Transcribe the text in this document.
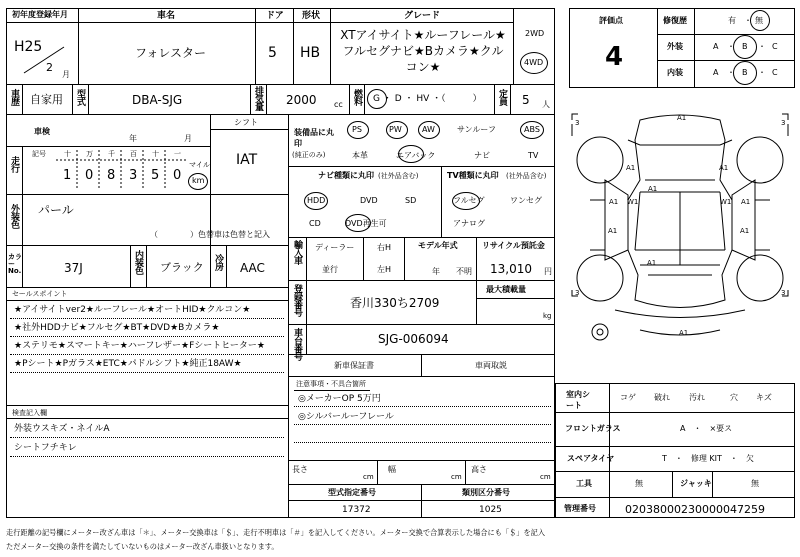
初年度登録年月
H25
2
月
車名
フォレスター
ドア
5
形状
HB
グレード
XTアイサイト★ルーフレール★フルセグナビ★Bカメラ★クルコン★
2WD
4WD
車歴 自家用 型式	DBA-SJG	排気量 2000 cc 燃料 G ・ D ・ HV ・（　　　） 定員 5 人
車検
年	月
シフト
IAT
走行
記号	十
1
万
0
千
8
百
3
十
5
一
0
マイル
km
外装色 パール
（　　　　）色替車は色替と記入
カラーNo.	37J	内装色 ブラック 冷房 AAC
装備品に丸印
(純正のみ)
PS	PW	AW	サンルーフ	ABS
本革	エアバック	ナビ	TV
ナビ種類に丸印 (社外品含む)
HDD	DVD	SD
CD	DVD再生可
TV種類に丸印 (社外品含む)
フルセグ	ワンセグ
アナログ
輸入車 ディーラー
並行
右H
左H
モデル年式
年 不明
リサイクル預託金
13,010 円
セールスポイント
★アイサイトver2★ルーフレール★オートHID★クルコン★
★社外HDDナビ★フルセグ★BT★DVD★Bカメラ★
★ステリモ★スマートキー★ハーフレザー★Fシートヒーター★
★Pシート★Pガラス★ETC★パドルシフト★純正18AW★
検査記入欄
外装ウスキズ・ネイルA
シートフチキレ
登録番号	香川330ち2709
最大積載量
kg
車台番号	SJG-006094
新車保証書	車両取説
注意事項・不具合箇所
◎メーカーOP 5万円
◎シルバールーフレール
長さ
cm
幅
cm
高さ
cm
型式指定番号
17372
類別区分番号
1025
評価点
4
修復歴	有 ・ 無
外装	A ・ B ・ C
内装	A ・ B ・ C
A1
A1	A1
A1
A1 W1	A1
W1
A1	A1
A1
A1
3	3
3	3
室内シート
コゲ 破れ 汚れ	穴 キズ
フロントガラス	A　・　×要ス
スペアタイヤ	T　・　修理 KIT　・　欠
工具	無	ジャッキ	無
管理番号	02038000230000047259
走行距離の記号欄にメーター改ざん車は「＊」、メーター交換車は「＄」、走行不明車は「＃」を記入してください。メーター交換で合算表示した場合にも「＄」を記入
ただメーター交換の条件を満たしていないものはメーター改ざん車扱いとなります。
